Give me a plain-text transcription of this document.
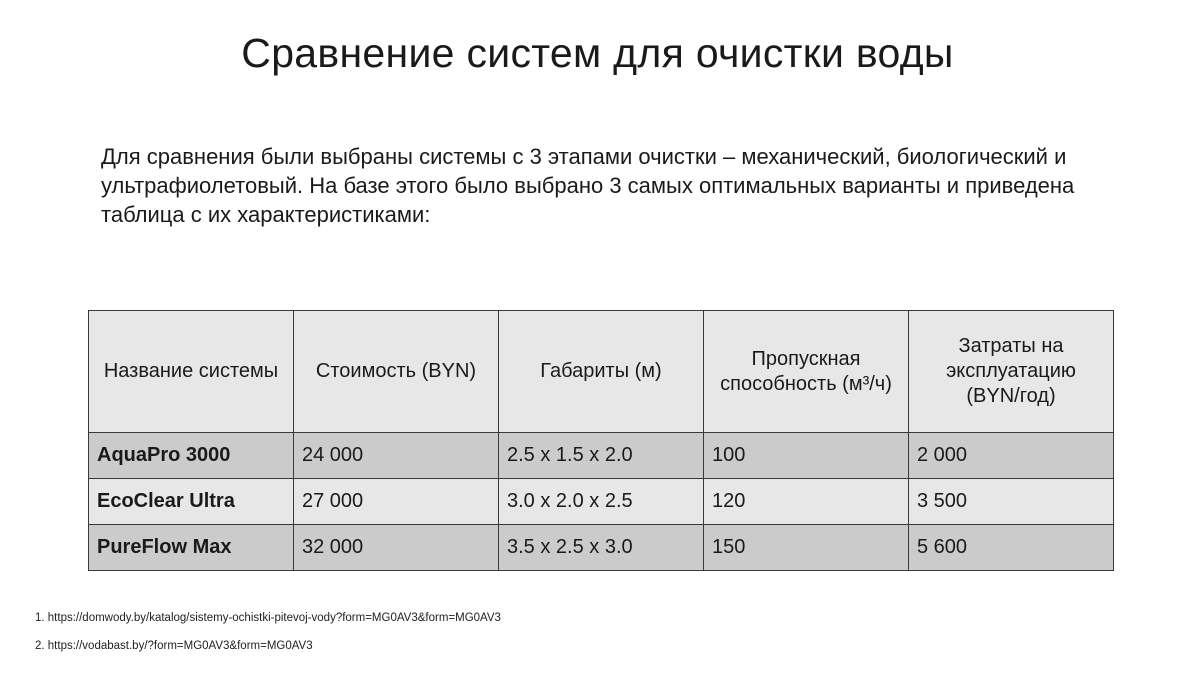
Сравнение систем для очистки воды

Для сравнения были выбраны системы с 3 этапами очистки – механический, биологический и ультрафиолетовый. На базе этого было выбрано 3 самых оптимальных варианты и приведена таблица с их характеристиками:

Название системы	Стоимость (BYN)	Габариты (м)	Пропускная способность (м³/ч)	Затраты на эксплуатацию (BYN/год)
AquaPro 3000	24 000	2.5 x 1.5 x 2.0	100	2 000
EcoClear Ultra	27 000	3.0 x 2.0 x 2.5	120	3 500
PureFlow Max	32 000	3.5 x 2.5 x 3.0	150	5 600
1. https://domwody.by/katalog/sistemy-ochistki-pitevoj-vody?form=MG0AV3&form=MG0AV3
2. https://vodabast.by/?form=MG0AV3&form=MG0AV3
